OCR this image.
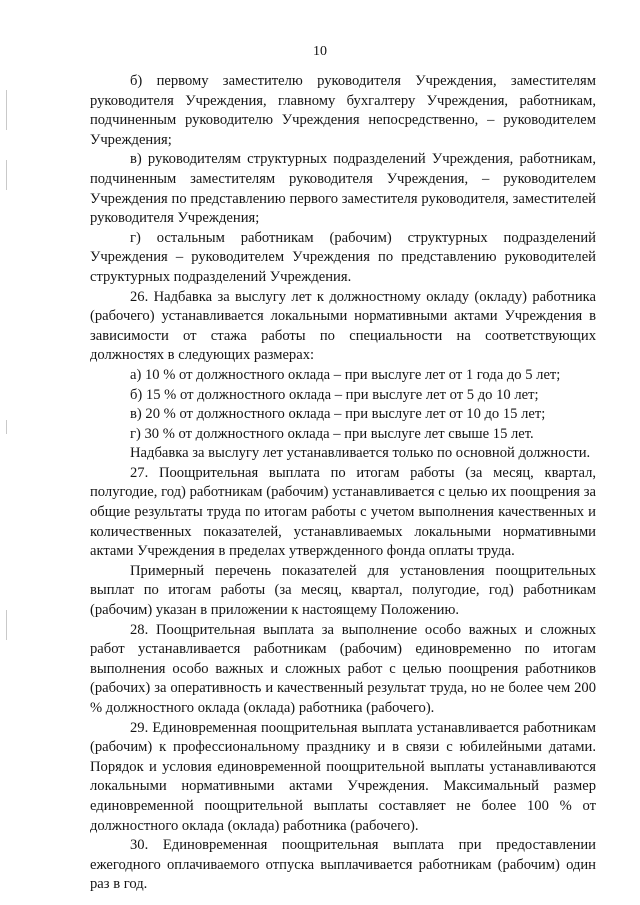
10

б) первому заместителю руководителя Учреждения, заместителям руководителя Учреждения, главному бухгалтеру Учреждения, работникам, подчиненным руководителю Учреждения непосредственно, – руководителем Учреждения;

в) руководителям структурных подразделений Учреждения, работникам, подчиненным заместителям руководителя Учреждения, – руководителем Учреждения по представлению первого заместителя руководителя, заместителей руководителя Учреждения;

г) остальным работникам (рабочим) структурных подразделений Учреждения – руководителем Учреждения по представлению руководителей структурных подразделений Учреждения.

26. Надбавка за выслугу лет к должностному окладу (окладу) работника (рабочего) устанавливается локальными нормативными актами Учреждения в зависимости от стажа работы по специальности на соответствующих должностях в следующих размерах:

а) 10 % от должностного оклада – при выслуге лет от 1 года до 5 лет;

б) 15 % от должностного оклада – при выслуге лет от 5 до 10 лет;

в) 20 % от должностного оклада – при выслуге лет от 10 до 15 лет;

г) 30 % от должностного оклада – при выслуге лет свыше 15 лет.

Надбавка за выслугу лет устанавливается только по основной должности.

27. Поощрительная выплата по итогам работы (за месяц, квартал, полугодие, год) работникам (рабочим) устанавливается с целью их поощрения за общие результаты труда по итогам работы с учетом выполнения качественных и количественных показателей, устанавливаемых локальными нормативными актами Учреждения в пределах утвержденного фонда оплаты труда.

Примерный перечень показателей для установления поощрительных выплат по итогам работы (за месяц, квартал, полугодие, год) работникам (рабочим) указан в приложении к настоящему Положению.

28. Поощрительная выплата за выполнение особо важных и сложных работ устанавливается работникам (рабочим) единовременно по итогам выполнения особо важных и сложных работ с целью поощрения работников (рабочих) за оперативность и качественный результат труда, но не более чем 200 % должностного оклада (оклада) работника (рабочего).

29. Единовременная поощрительная выплата устанавливается работникам (рабочим) к профессиональному празднику и в связи с юбилейными датами. Порядок и условия единовременной поощрительной выплаты устанавливаются локальными нормативными актами Учреждения. Максимальный размер единовременной поощрительной выплаты составляет не более 100 % от должностного оклада (оклада) работника (рабочего).

30. Единовременная поощрительная выплата при предоставлении ежегодного оплачиваемого отпуска выплачивается работникам (рабочим) один раз в год.
